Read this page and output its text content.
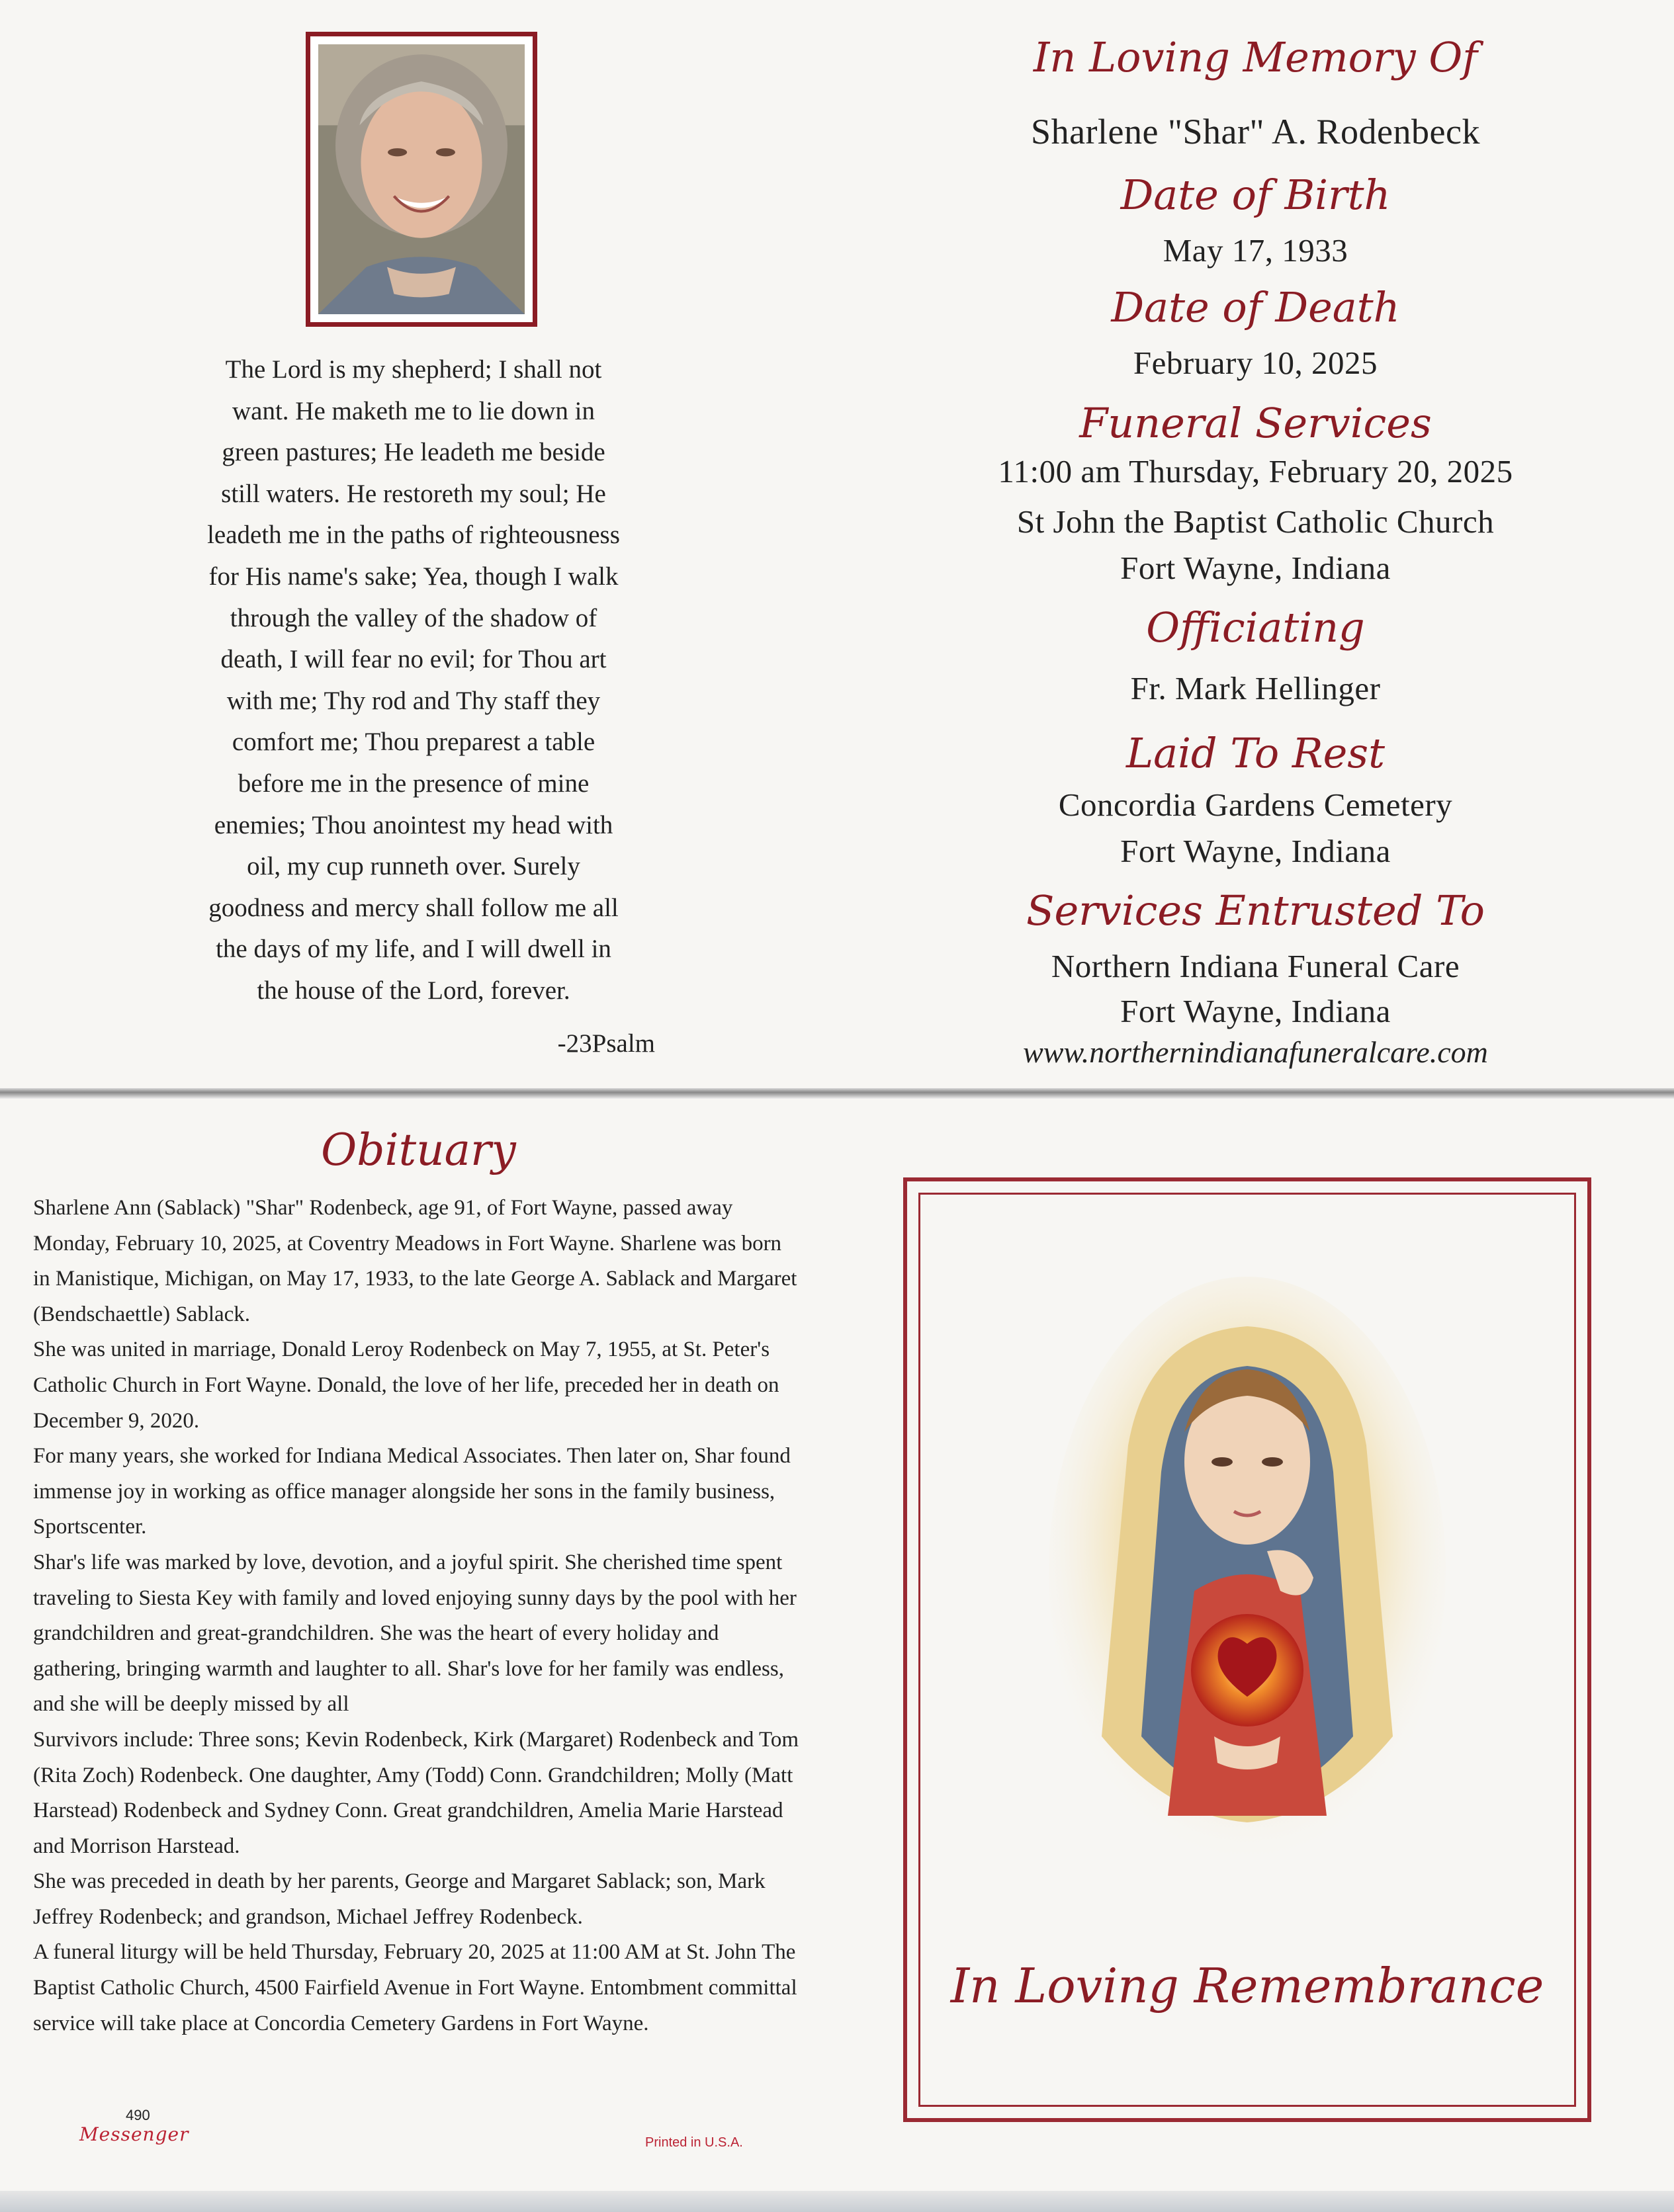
The Lord is my shepherd; I shall not
want. He maketh me to lie down in
green pastures; He leadeth me beside
still waters. He restoreth my soul; He
leadeth me in the paths of righteousness
for His name's sake; Yea, though I walk
through the valley of the shadow of
death, I will fear no evil; for Thou art
with me; Thy rod and Thy staff they
comfort me; Thou preparest a table
before me in the presence of mine
enemies; Thou anointest my head with
oil, my cup runneth over. Surely
goodness and mercy shall follow me all
the days of my life, and I will dwell in
the house of the Lord, forever.
-23Psalm
In Loving Memory Of
Sharlene "Shar" A. Rodenbeck
Date of Birth
May 17, 1933
Date of Death
February 10, 2025
Funeral Services
11:00 am Thursday, February 20, 2025
St John the Baptist Catholic Church
Fort Wayne, Indiana
Officiating
Fr. Mark Hellinger
Laid To Rest
Concordia Gardens Cemetery
Fort Wayne, Indiana
Services Entrusted To
Northern Indiana Funeral Care
Fort Wayne, Indiana
www.northernindianafuneralcare.com
Obituary

Sharlene Ann (Sablack) "Shar" Rodenbeck, age 91, of Fort Wayne, passed away Monday, February 10, 2025, at Coventry Meadows in Fort Wayne. Sharlene was born in Manistique, Michigan, on May 17, 1933, to the late George A. Sablack and Margaret (Bendschaettle) Sablack.

She was united in marriage, Donald Leroy Rodenbeck on May 7, 1955, at St. Peter's Catholic Church in Fort Wayne. Donald, the love of her life, preceded her in death on December 9, 2020.

For many years, she worked for Indiana Medical Associates. Then later on, Shar found immense joy in working as office manager alongside her sons in the family business, Sportscenter.

Shar's life was marked by love, devotion, and a joyful spirit. She cherished time spent traveling to Siesta Key with family and loved enjoying sunny days by the pool with her grandchildren and great-grandchildren. She was the heart of every holiday and gathering, bringing warmth and laughter to all. Shar's love for her family was endless, and she will be deeply missed by all

Survivors include: Three sons; Kevin Rodenbeck, Kirk (Margaret) Rodenbeck and Tom (Rita Zoch) Rodenbeck. One daughter, Amy (Todd) Conn. Grandchildren; Molly (Matt Harstead) Rodenbeck and Sydney Conn. Great grandchildren, Amelia Marie Harstead and Morrison Harstead.

She was preceded in death by her parents, George and Margaret Sablack; son, Mark Jeffrey Rodenbeck; and grandson, Michael Jeffrey Rodenbeck.

A funeral liturgy will be held Thursday, February 20, 2025 at 11:00 AM at St. John The Baptist Catholic Church, 4500 Fairfield Avenue in Fort Wayne. Entombment committal service will take place at Concordia Cemetery Gardens in Fort Wayne.

490
Messenger	Printed in U.S.A.
In Loving Remembrance
